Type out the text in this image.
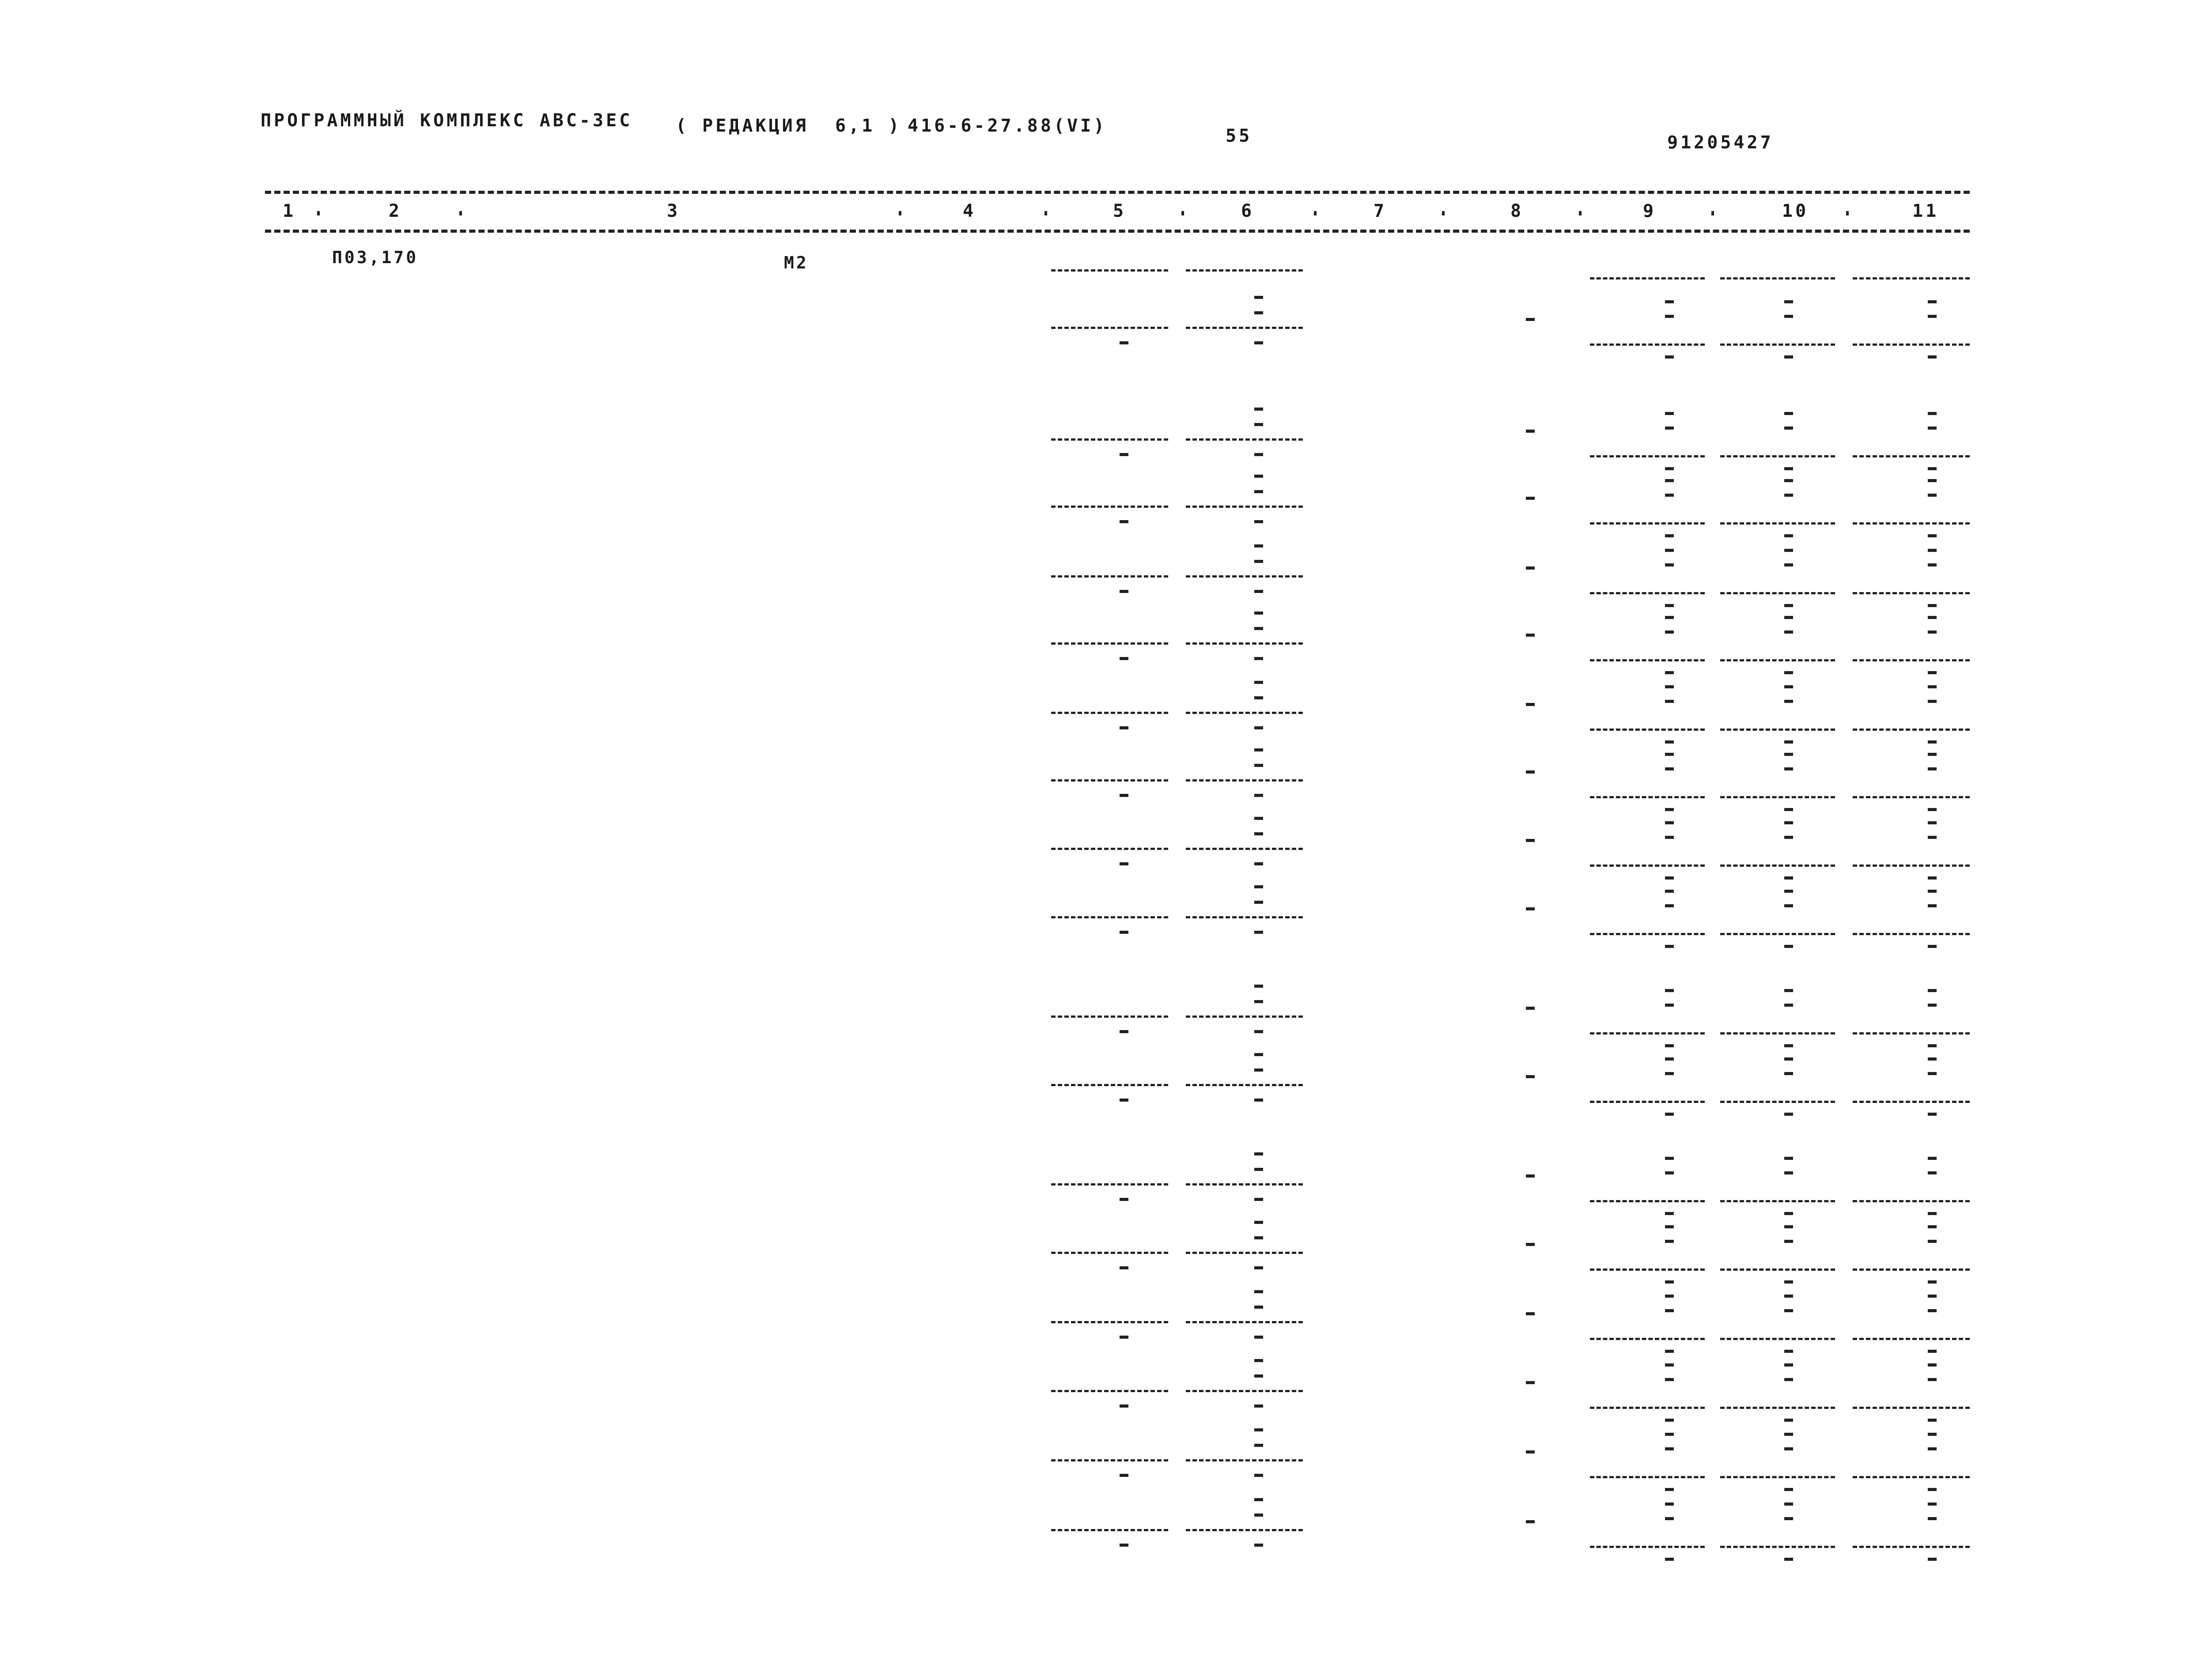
ПРОГРАММНЫЙ КОМПЛЕКС АВС-3ЕС ( РЕДАКЦИЯ  6,1 ) 416-6-27.88(VI)	55	91205427
1	2	3	4	5	6	7	8	9	10	11
П03,170	М2
